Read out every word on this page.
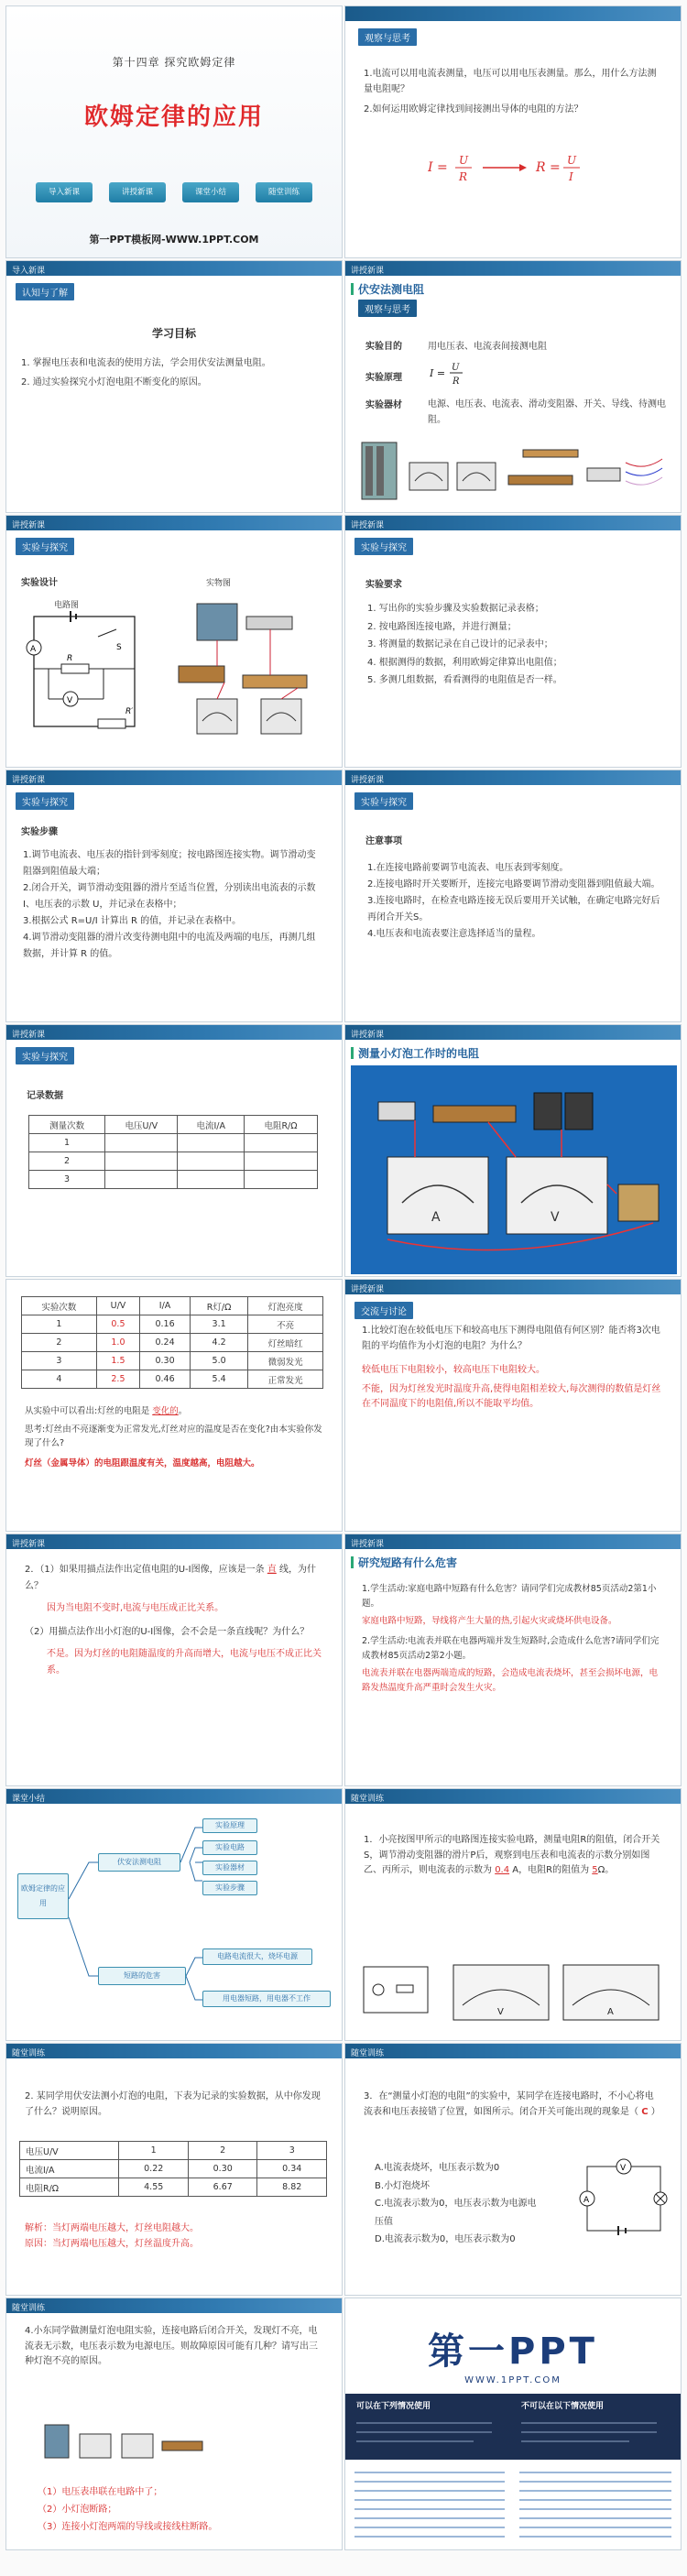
第十四章 探究欧姆定律
欧姆定律的应用
导入新课	讲授新课	课堂小结	随堂训练
第一PPT模板网-WWW.1PPT.COM
观察与思考

1.电流可以用电流表测量，电压可以用电压表测量。那么，用什么方法测量电阻呢？

2.如何运用欧姆定律找到间接测出导体的电阻的方法？

I = U
R
R = U
I
导入新课
认知与了解
学习目标

1. 掌握电压表和电流表的使用方法，学会用伏安法测量电阻。

2. 通过实验探究小灯泡电阻不断变化的原因。

讲授新课
伏安法测电阻
观察与思考
实验目的	用电压表、电流表间接测电阻
实验原理	I = U
R
实验器材	电源、电压表、电流表、滑动变阻器、开关、导线、待测电阻。
讲授新课
实验与探究
实验设计
电路图
实物图
A	S
R
V
R′
讲授新课
实验与探究
实验要求

1. 写出你的实验步骤及实验数据记录表格；

2. 按电路图连接电路，并进行测量；

3. 将测量的数据记录在自己设计的记录表中；

4. 根据测得的数据，利用欧姆定律算出电阻值；

5. 多测几组数据，看看测得的电阻值是否一样。

讲授新课
实验与探究
实验步骤

1.调节电流表、电压表的指针到零刻度；按电路图连接实物。调节滑动变阻器到阻值最大端；

2.闭合开关，调节滑动变阻器的滑片至适当位置，分别读出电流表的示数 I、电压表的示数 U，并记录在表格中；

3.根据公式 R=U/I 计算出 R 的值，并记录在表格中。

4.调节滑动变阻器的滑片改变待测电阻中的电流及两端的电压，再测几组数据，并计算 R 的值。

讲授新课
实验与探究
注意事项

1.在连接电路前要调节电流表、电压表到零刻度。

2.连接电路时开关要断开，连接完电路要调节滑动变阻器到阻值最大端。

3.连接电路时，在检查电路连接无误后要用开关试触，在确定电路完好后再闭合开关S。

4.电压表和电流表要注意选择适当的量程。

讲授新课
实验与探究
记录数据
测量次数	电压U/V	电流I/A	电阻R/Ω
1			
2			
3			
讲授新课
测量小灯泡工作时的电阻
A	V
实验次数	U/V	I/A	R灯/Ω	灯泡亮度
1	0.5	0.16	3.1	不亮
2	1.0	0.24	4.2	灯丝暗红
3	1.5	0.30	5.0	微弱发光
4	2.5	0.46	5.4	正常发光

从实验中可以看出:灯丝的电阻是 变化的。

思考:灯丝由不亮逐渐变为正常发光,灯丝对应的温度是否在变化?由本实验你发现了什么?

灯丝（金属导体）的电阻跟温度有关，温度越高，电阻越大。

讲授新课
交流与讨论

1.比较灯泡在较低电压下和较高电压下测得电阻值有何区别？能否将3次电阻的平均值作为小灯泡的电阻？为什么？

较低电压下电阻较小，较高电压下电阻较大。

不能，因为灯丝发光时温度升高,使得电阻相差较大,每次测得的数值是灯丝在不同温度下的电阻值,所以不能取平均值。

讲授新课

2．（1）如果用描点法作出定值电阻的U-I图像，应该是一条 直 线，为什么？

因为当电阻不变时,电流与电压成正比关系。

（2）用描点法作出小灯泡的U-I图像，会不会是一条直线呢？为什么？

不是。因为灯丝的电阻随温度的升高而增大，电流与电压不成正比关系。

讲授新课
研究短路有什么危害

1.学生活动:家庭电路中短路有什么危害？请同学们完成教材85页活动2第1小题。

家庭电路中短路，导线将产生大量的热,引起火灾或烧坏供电设备。

2.学生活动:电流表并联在电器两端并发生短路时,会造成什么危害?请同学们完成教材85页活动2第2小题。

电流表并联在电器两端造成的短路，会造成电流表烧坏，甚至会损坏电源，电路发热温度升高严重时会发生火灾。

课堂小结
欧姆定律的应用
伏安法测电阻
短路的危害
实验原理
实验电路
实验器材
实验步骤
电路电流很大，烧坏电源
用电器短路，用电器不工作
随堂训练

1．小亮按图甲所示的电路图连接实验电路，测量电阻R的阻值，闭合开关S，调节滑动变阻器的滑片P后，观察到电压表和电流表的示数分别如图乙、丙所示，则电流表的示数为 0.4 A，电阻R的阻值为 5Ω。

V	A
随堂训练
2. 某同学用伏安法测小灯泡的电阻，下表为记录的实验数据，从中你发现了什么？说明原因。
电压U/V	1	2	3
电流I/A	0.22	0.30	0.34
电阻R/Ω	4.55	6.67	8.82

解析：当灯两端电压越大，灯丝电阻越大。

原因：当灯两端电压越大，灯丝温度升高。

随堂训练

3．在“测量小灯泡的电阻”的实验中，某同学在连接电路时，不小心将电流表和电压表接错了位置，如图所示。闭合开关可能出现的现象是（ C ）

A.电流表烧坏，电压表示数为0

B.小灯泡烧坏

C.电流表示数为0，电压表示数为电源电压值

D.电流表示数为0，电压表示数为0

V
A
随堂训练
4.小东同学做测量灯泡电阻实验，连接电路后闭合开关，发现灯不亮，电流表无示数，电压表示数为电源电压。则故障原因可能有几种？请写出三种灯泡不亮的原因。

（1）电压表串联在电路中了；

（2）小灯泡断路；

（3）连接小灯泡两端的导线或接线柱断路。

第一PPT
WWW.1PPT.COM
可以在下列情况使用	不可以在以下情况使用
